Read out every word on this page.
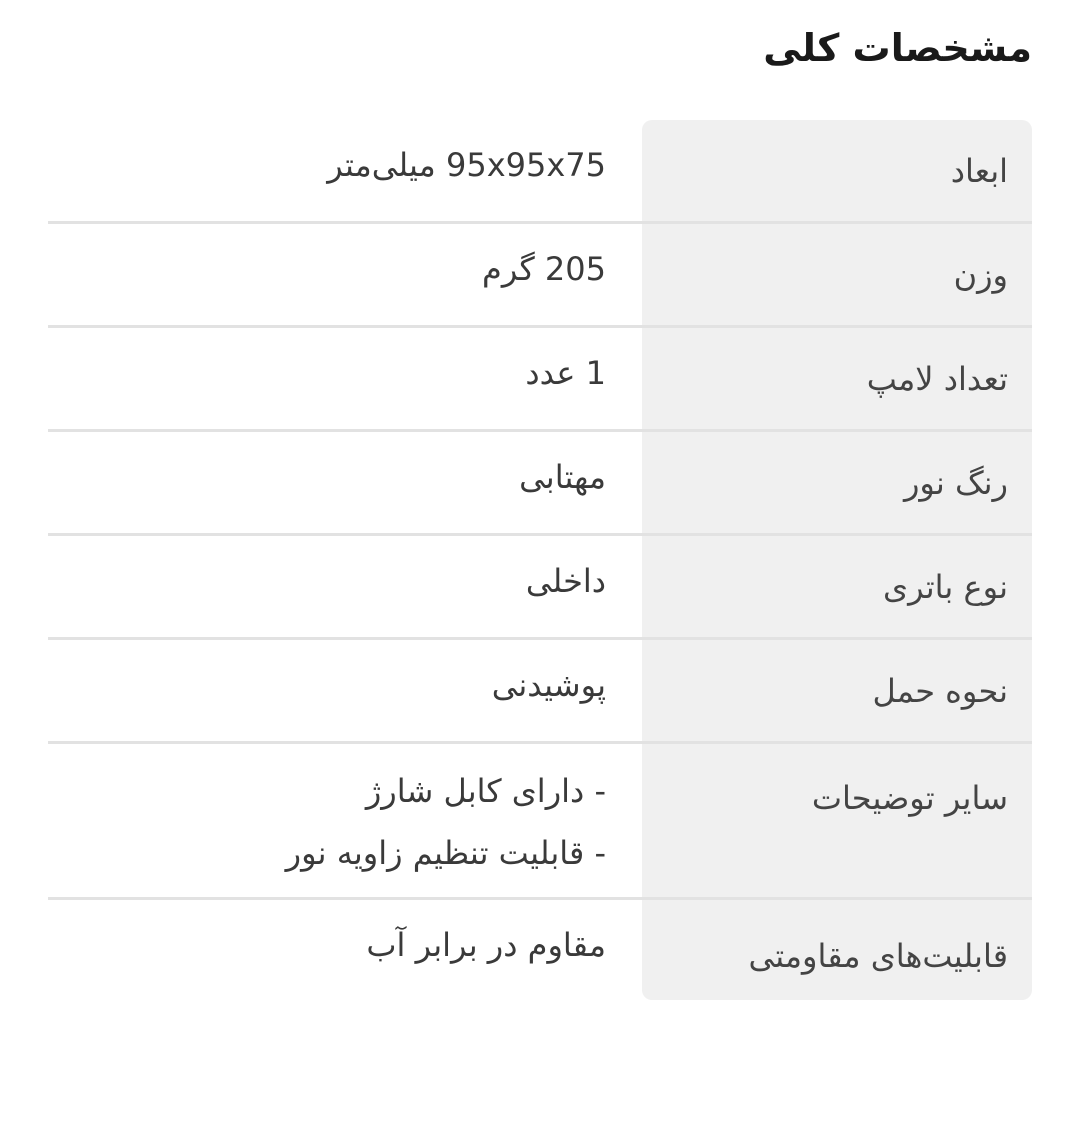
مشخصات کلی
ابعاد
95x95x75 میلی‌متر
وزن
205 گرم
تعداد لامپ
1 عدد
رنگ نور
مهتابی
نوع باتری
داخلی
نحوه حمل
پوشیدنی
سایر توضیحات
- دارای کابل شارژ
- قابلیت تنظیم زاویه نور
قابلیت‌های مقاومتی
مقاوم در برابر آب
